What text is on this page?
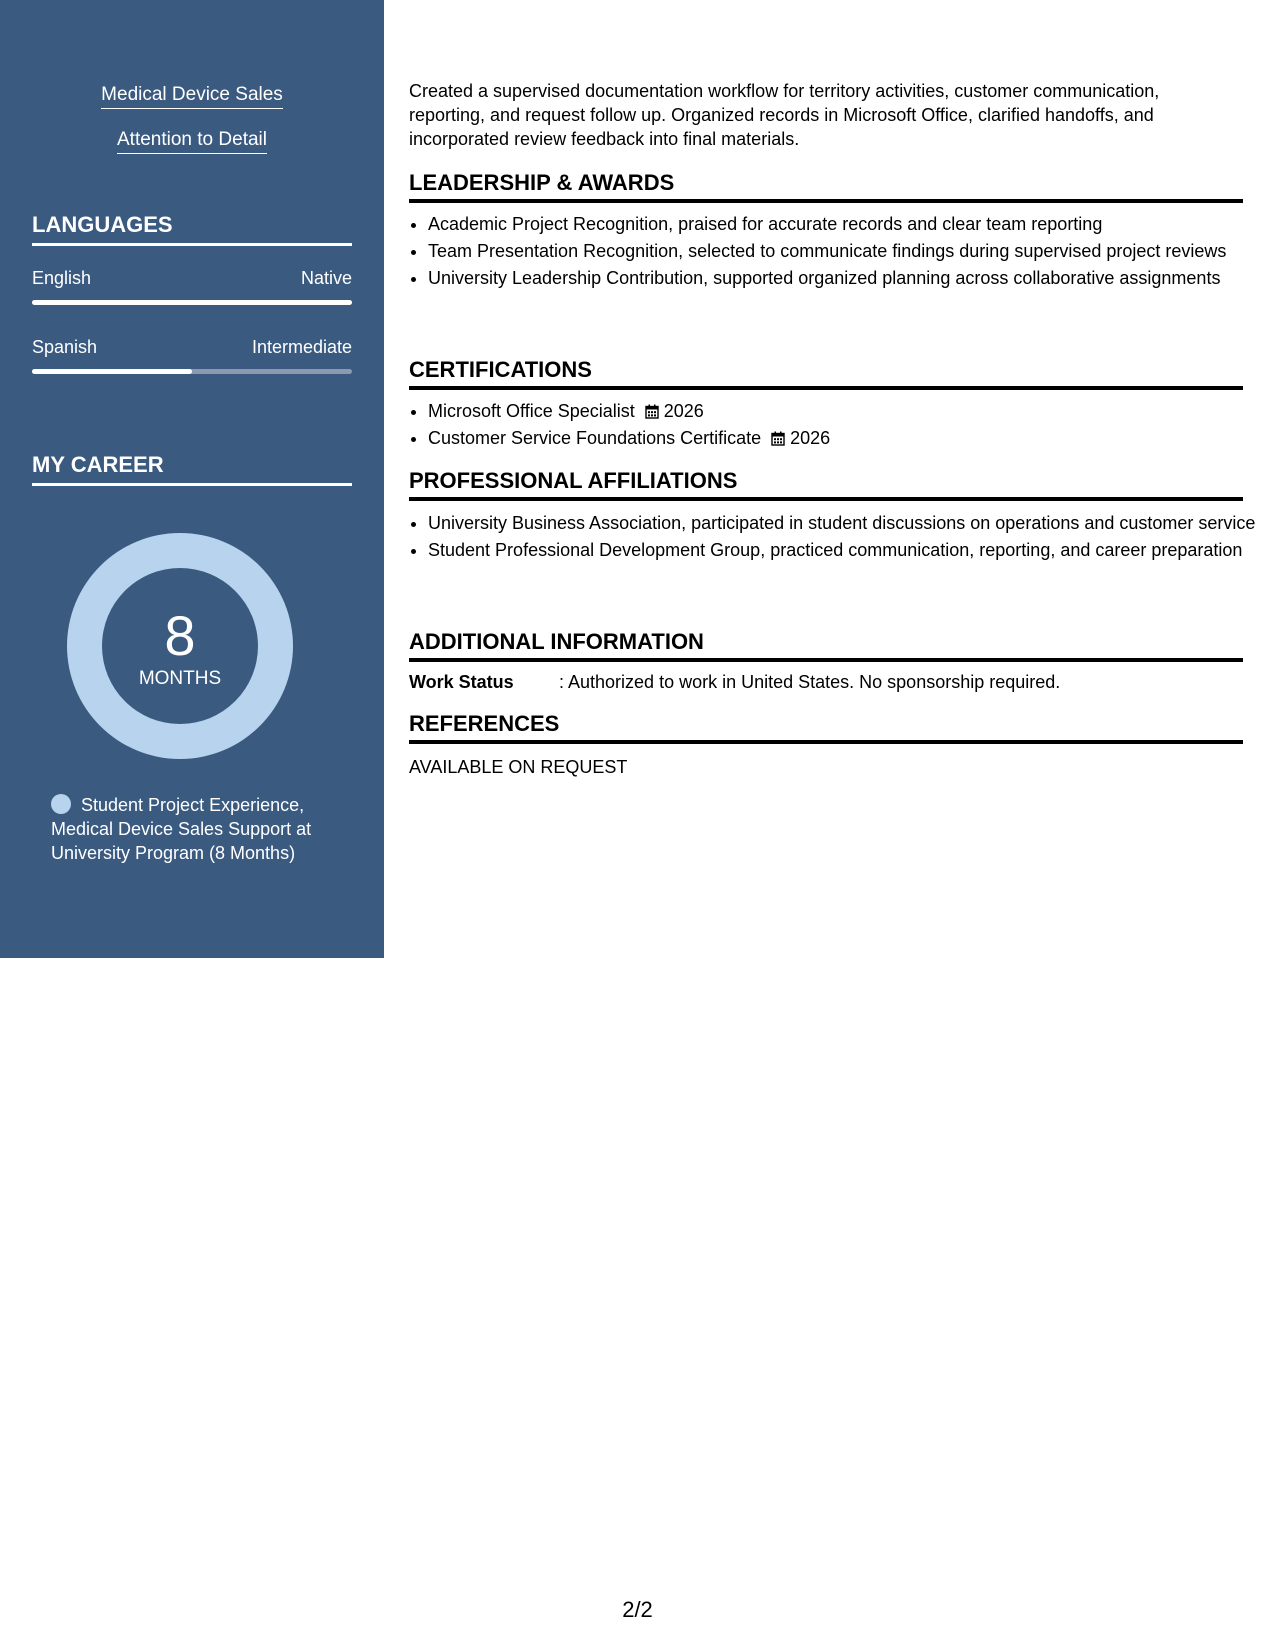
Medical Device Sales
Attention to Detail
LANGUAGES
English	Native
Spanish	Intermediate
MY CAREER
8
MONTHS
Student Project Experience, Medical Device Sales Support at University Program (8 Months)
Created a supervised documentation workflow for territory activities, customer communication, reporting, and request follow up. Organized records in Microsoft Office, clarified handoffs, and incorporated review feedback into final materials.
LEADERSHIP & AWARDS
• Academic Project Recognition, praised for accurate records and clear team reporting
• Team Presentation Recognition, selected to communicate findings during supervised project reviews
• University Leadership Contribution, supported organized planning across collaborative assignments
CERTIFICATIONS
• Microsoft Office Specialist 2026
• Customer Service Foundations Certificate 2026
PROFESSIONAL AFFILIATIONS
• University Business Association, participated in student discussions on operations and customer service
• Student Professional Development Group, practiced communication, reporting, and career preparation
ADDITIONAL INFORMATION
Work Status	: Authorized to work in United States. No sponsorship required.
REFERENCES
AVAILABLE ON REQUEST
2/2
